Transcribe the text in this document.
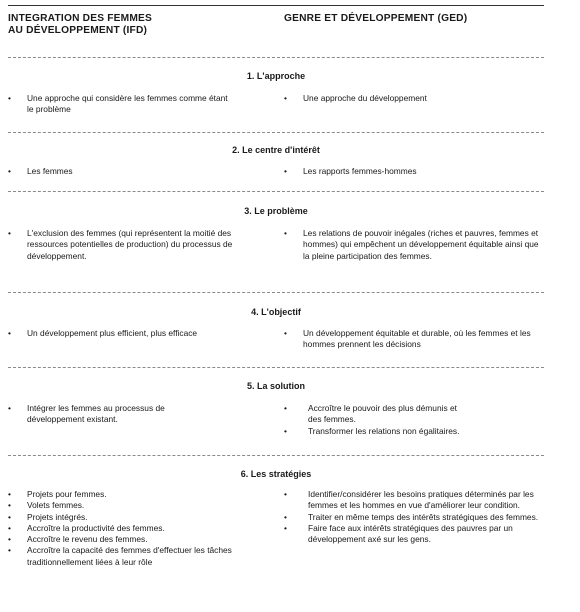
INTEGRATION DES FEMMES
AU DÉVELOPPEMENT (IFD)
GENRE ET DÉVELOPPEMENT (GED)
1. L'approche
• Une approche qui considère les femmes comme étant le problème
• Une approche du développement
2. Le centre d'intérêt
• Les femmes	• Les rapports femmes-hommes
3. Le problème
• L'exclusion des femmes (qui représentent la moitié des ressources potentielles de production) du processus de développement.
• Les relations de pouvoir inégales (riches et pauvres, femmes et hommes) qui empêchent un développement équitable ainsi que la pleine participation des femmes.
4. L'objectif
• Un développement plus efficient, plus efficace	• Un développement équitable et durable, où les femmes et les hommes prennent les décisions
5. La solution
• Intégrer les femmes au processus de développement existant.
• Accroître le pouvoir des plus démunis et des femmes.
• Transformer les relations non égalitaires.
6. Les stratégies
• Projets pour femmes.
• Volets femmes.
• Projets intégrés.
• Accroître la productivité des femmes.
• Accroître le revenu des femmes.
• Accroître la capacité des femmes d'effectuer les tâches traditionnellement liées à leur rôle
• Identifier/considérer les besoins pratiques déterminés par les femmes et les hommes en vue d'améliorer leur condition.
• Traiter en même temps des intérêts stratégiques des femmes.
• Faire face aux intérêts stratégiques des pauvres par un développement axé sur les gens.
